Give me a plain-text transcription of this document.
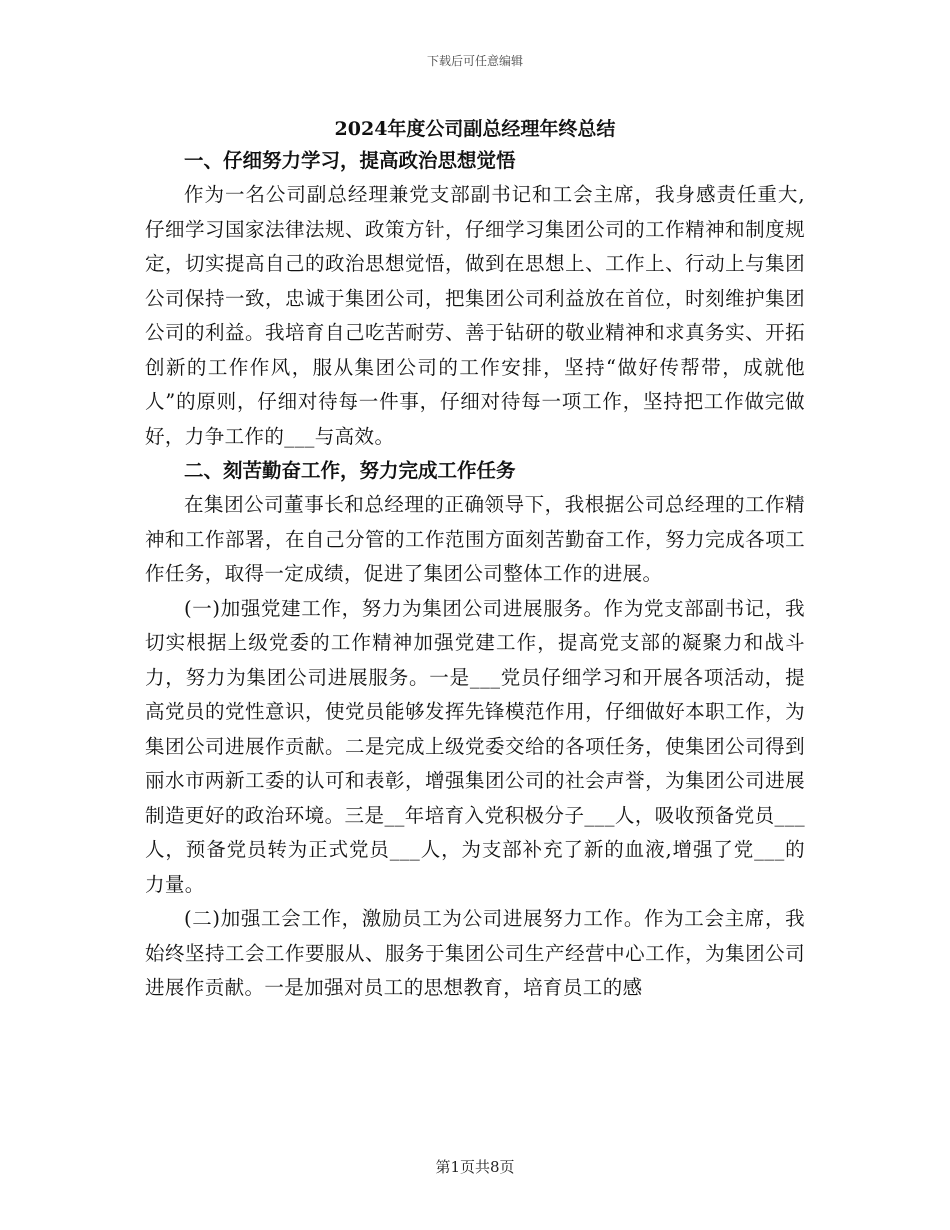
下载后可任意编辑
2024年度公司副总经理年终总结

一、仔细努力学习，提高政治思想觉悟

作为一名公司副总经理兼党支部副书记和工会主席，我身感责任重大,仔细学习国家法律法规、政策方针，仔细学习集团公司的工作精神和制度规定，切实提高自己的政治思想觉悟，做到在思想上、工作上、行动上与集团公司保持一致，忠诚于集团公司，把集团公司利益放在首位，时刻维护集团公司的利益。我培育自己吃苦耐劳、善于钻研的敬业精神和求真务实、开拓创新的工作作风，服从集团公司的工作安排，坚持“做好传帮带，成就他人”的原则，仔细对待每一件事，仔细对待每一项工作，坚持把工作做完做好，力争工作的___与高效。

二、刻苦勤奋工作，努力完成工作任务

在集团公司董事长和总经理的正确领导下，我根据公司总经理的工作精神和工作部署，在自己分管的工作范围方面刻苦勤奋工作，努力完成各项工作任务，取得一定成绩，促进了集团公司整体工作的进展。

(一)加强党建工作，努力为集团公司进展服务。作为党支部副书记，我切实根据上级党委的工作精神加强党建工作，提高党支部的凝聚力和战斗力，努力为集团公司进展服务。一是___党员仔细学习和开展各项活动，提高党员的党性意识，使党员能够发挥先锋模范作用，仔细做好本职工作，为集团公司进展作贡献。二是完成上级党委交给的各项任务，使集团公司得到丽水市两新工委的认可和表彰，增强集团公司的社会声誉，为集团公司进展制造更好的政治环境。三是__年培育入党积极分子___人，吸收预备党员___人，预备党员转为正式党员___人，为支部补充了新的血液,增强了党___的力量。

(二)加强工会工作，激励员工为公司进展努力工作。作为工会主席，我始终坚持工会工作要服从、服务于集团公司生产经营中心工作，为集团公司进展作贡献。一是加强对员工的思想教育，培育员工的感

第1页共8页
